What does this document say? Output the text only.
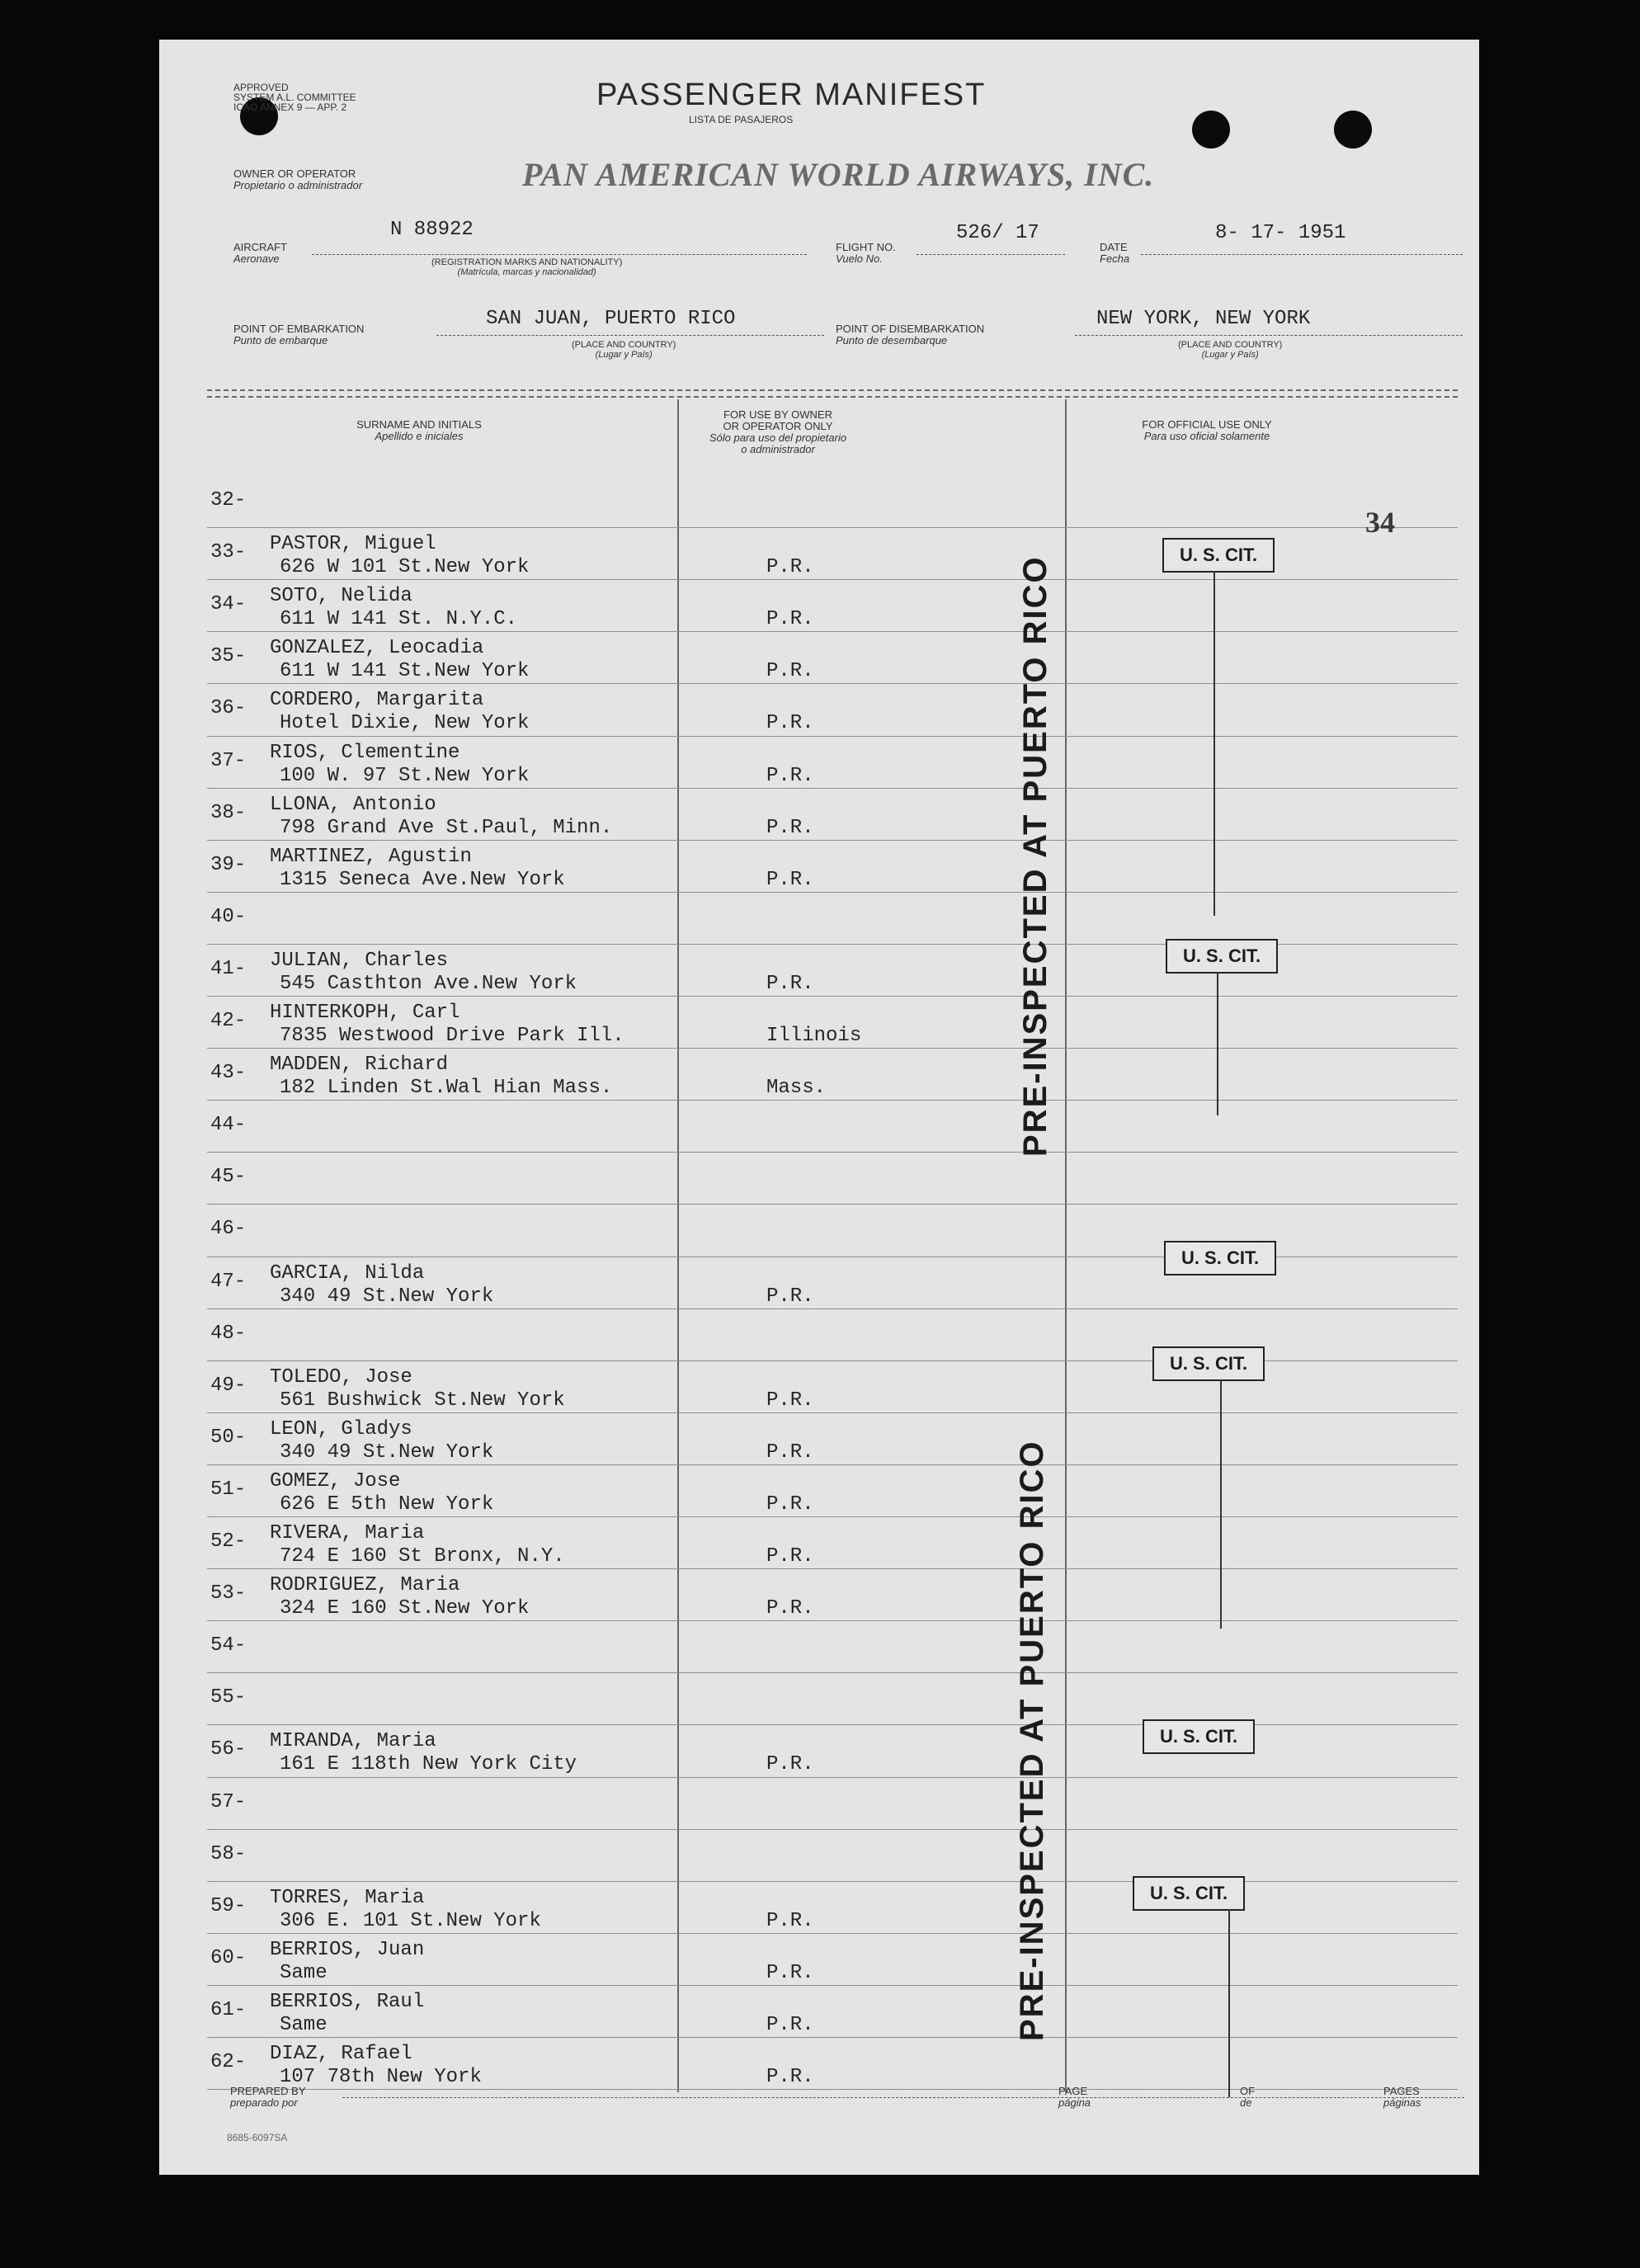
APPROVED
SYSTEM A.L. COMMITTEE
ICAO ANNEX 9 — APP. 2	PASSENGER MANIFEST
LISTA DE PASAJEROS
OWNER OR OPERATOR
Propietario o administrador	PAN AMERICAN WORLD AIRWAYS, INC.
AIRCRAFT
Aeronave
N 88922
(REGISTRATION MARKS AND NATIONALITY)
(Matrícula, marcas y nacionalidad)
FLIGHT NO.
Vuelo No.
526/ 17
DATE
Fecha
8- 17- 1951
POINT OF EMBARKATION
Punto de embarque
SAN JUAN, PUERTO RICO
(PLACE AND COUNTRY)
(Lugar y País)
POINT OF DISEMBARKATION
Punto de desembarque
NEW YORK, NEW YORK
(PLACE AND COUNTRY)
(Lugar y País)
SURNAME AND INITIALS
Apellido e iniciales
FOR USE BY OWNER
OR OPERATOR ONLY
Sólo para uso del propietario
o administrador
FOR OFFICIAL USE ONLY
Para uso oficial solamente
32-
33- PASTOR, Miguel
626 W 101 St.New York	P.R.
34- SOTO, Nelida
611 W 141 St. N.Y.C.	P.R.
35- GONZALEZ, Leocadia
611 W 141 St.New York	P.R.
36- CORDERO, Margarita
Hotel Dixie, New York	P.R.
37- RIOS, Clementine
100 W. 97 St.New York	P.R.
38- LLONA, Antonio
798 Grand Ave St.Paul, Minn.	P.R.
39- MARTINEZ, Agustin
1315 Seneca Ave.New York	P.R.
40-
41- JULIAN, Charles
545 Casthton Ave.New York	P.R.
42- HINTERKOPH, Carl
7835 Westwood Drive Park Ill.	Illinois
43- MADDEN, Richard
182 Linden St.Wal Hian Mass.	Mass.
44-
45-
46-
47- GARCIA, Nilda
340 49 St.New York	P.R.
48-
49- TOLEDO, Jose
561 Bushwick St.New York	P.R.
50- LEON, Gladys
340 49 St.New York	P.R.
51- GOMEZ, Jose
626 E 5th New York	P.R.
52- RIVERA, Maria
724 E 160 St Bronx, N.Y.	P.R.
53- RODRIGUEZ, Maria
324 E 160 St.New York	P.R.
54-
55-
56- MIRANDA, Maria
161 E 118th New York City	P.R.
57-
58-
59- TORRES, Maria
306 E. 101 St.New York	P.R.
60- BERRIOS, Juan
Same	P.R.
61- BERRIOS, Raul
Same	P.R.
62- DIAZ, Rafael
107 78th New York	P.R.
34
U. S. CIT.
U. S. CIT.
U. S. CIT.
U. S. CIT.
U. S. CIT.
U. S. CIT.
PRE-INSPECTED AT PUERTO RICO
PRE-INSPECTED AT PUERTO RICO
PREPARED BY
preparado por
PAGE
página
OF
de
PAGES
páginas
8685-6097SA
